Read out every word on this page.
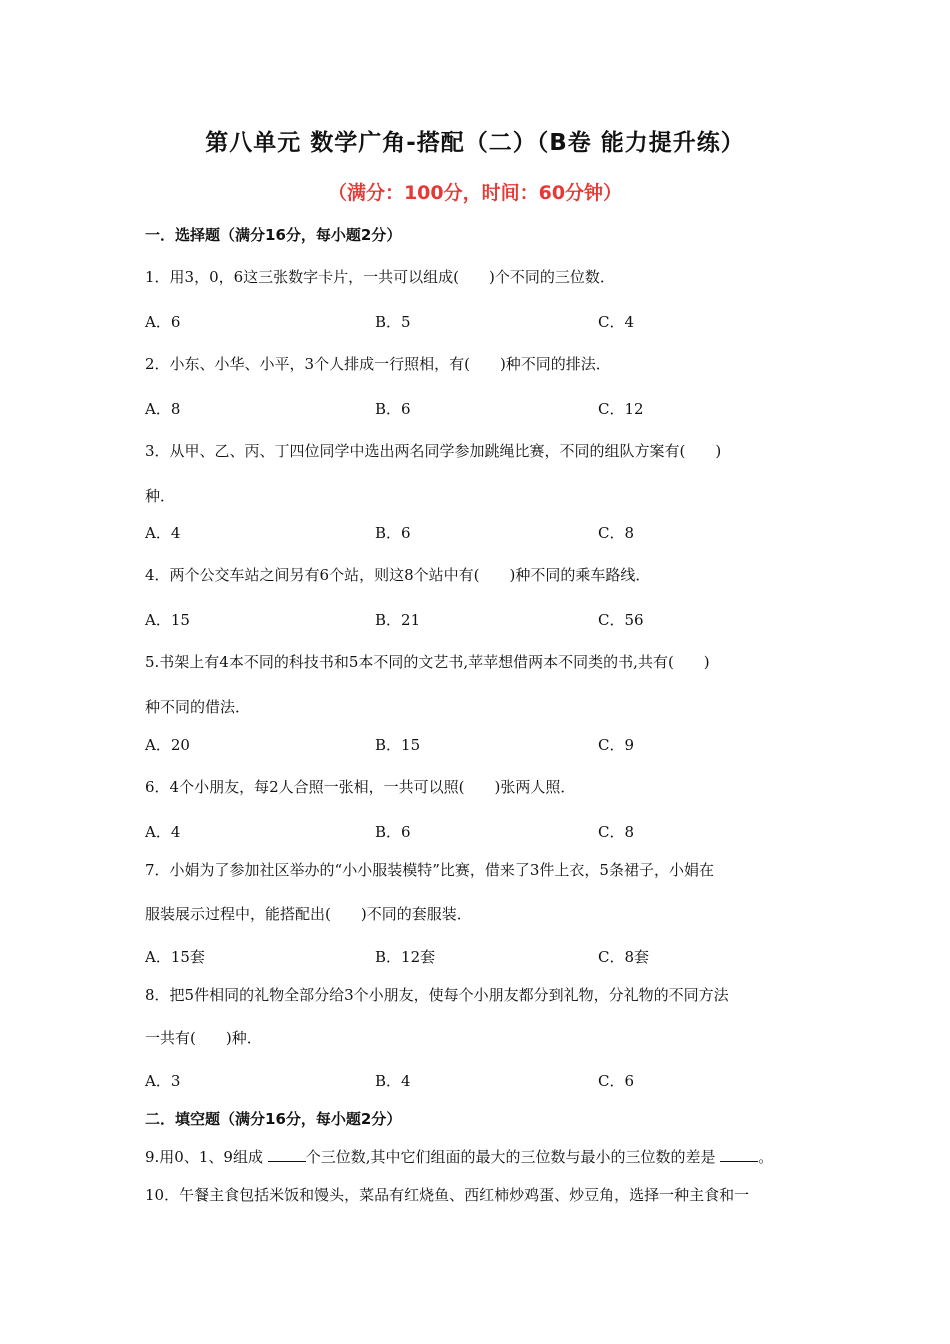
第八单元 数学广角-搭配（二）（B卷 能力提升练）
（满分：100分，时间：60分钟）
一．选择题（满分16分，每小题2分）
1．用3，0，6这三张数字卡片，一共可以组成(　　)个不同的三位数．
A．6	B．5	C．4
2．小东、小华、小平，3个人排成一行照相，有(　　)种不同的排法．
A．8	B．6	C．12
3．从甲、乙、丙、丁四位同学中选出两名同学参加跳绳比赛，不同的组队方案有(　　)
种．
A．4	B．6	C．8
4．两个公交车站之间另有6个站，则这8个站中有(　　)种不同的乘车路线．
A．15	B．21	C．56
5.书架上有4本不同的科技书和5本不同的文艺书,苹苹想借两本不同类的书,共有(　　)
种不同的借法．
A．20	B．15	C．9
6．4个小朋友，每2人合照一张相，一共可以照(　　)张两人照．
A．4	B．6	C．8
7．小娟为了参加社区举办的“小小服装模特”比赛，借来了3件上衣，5条裙子，小娟在
服装展示过程中，能搭配出(　　)不同的套服装．
A．15套	B．12套	C．8套
8．把5件相同的礼物全部分给3个小朋友，使每个小朋友都分到礼物，分礼物的不同方法
一共有(　　)种．
A．3	B．4	C．6
二．填空题（满分16分，每小题2分）
9.用0、1、9组成	个三位数,其中它们组面的最大的三位数与最小的三位数的差是	。
10．午餐主食包括米饭和馒头，菜品有红烧鱼、西红柿炒鸡蛋、炒豆角，选择一种主食和一
